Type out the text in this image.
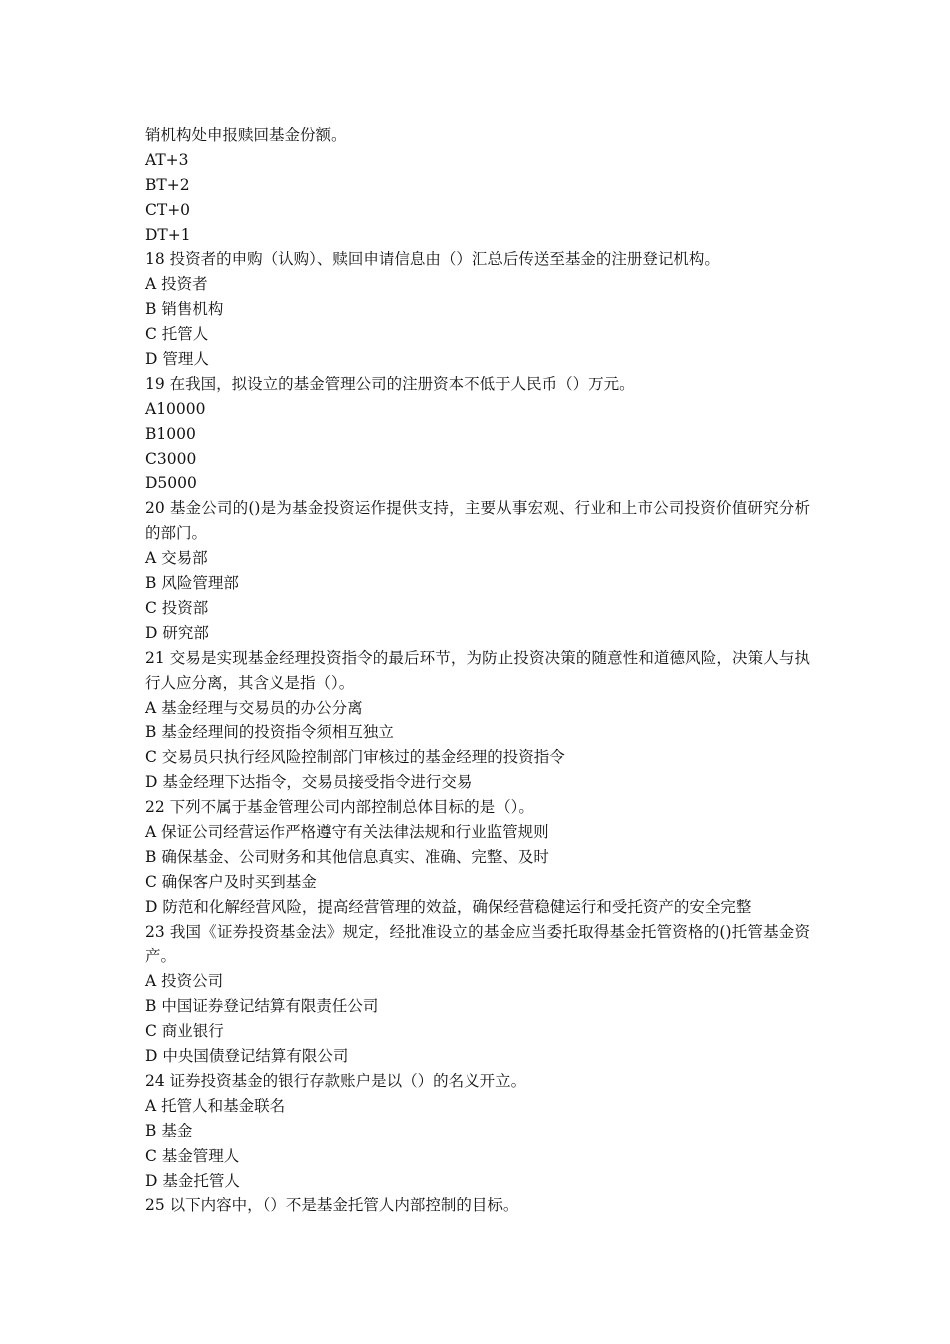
销机构处申报赎回基金份额。
AT+3
BT+2
CT+0
DT+1
18 投资者的申购（认购）、赎回申请信息由（）汇总后传送至基金的注册登记机构。
A 投资者
B 销售机构
C 托管人
D 管理人
19 在我国，拟设立的基金管理公司的注册资本不低于人民币（）万元。
A10000
B1000
C3000
D5000
20 基金公司的()是为基金投资运作提供支持，主要从事宏观、行业和上市公司投资价值研究分析的部门。
A 交易部
B 风险管理部
C 投资部
D 研究部
21 交易是实现基金经理投资指令的最后环节，为防止投资决策的随意性和道德风险，决策人与执行人应分离，其含义是指（）。
A 基金经理与交易员的办公分离
B 基金经理间的投资指令须相互独立
C 交易员只执行经风险控制部门审核过的基金经理的投资指令
D 基金经理下达指令，交易员接受指令进行交易
22 下列不属于基金管理公司内部控制总体目标的是（）。
A 保证公司经营运作严格遵守有关法律法规和行业监管规则
B 确保基金、公司财务和其他信息真实、准确、完整、及时
C 确保客户及时买到基金
D 防范和化解经营风险，提高经营管理的效益，确保经营稳健运行和受托资产的安全完整
23 我国《证券投资基金法》规定，经批准设立的基金应当委托取得基金托管资格的()托管基金资产。
A 投资公司
B 中国证券登记结算有限责任公司
C 商业银行
D 中央国债登记结算有限公司
24 证券投资基金的银行存款账户是以（）的名义开立。
A 托管人和基金联名
B 基金
C 基金管理人
D 基金托管人
25 以下内容中，（）不是基金托管人内部控制的目标。
